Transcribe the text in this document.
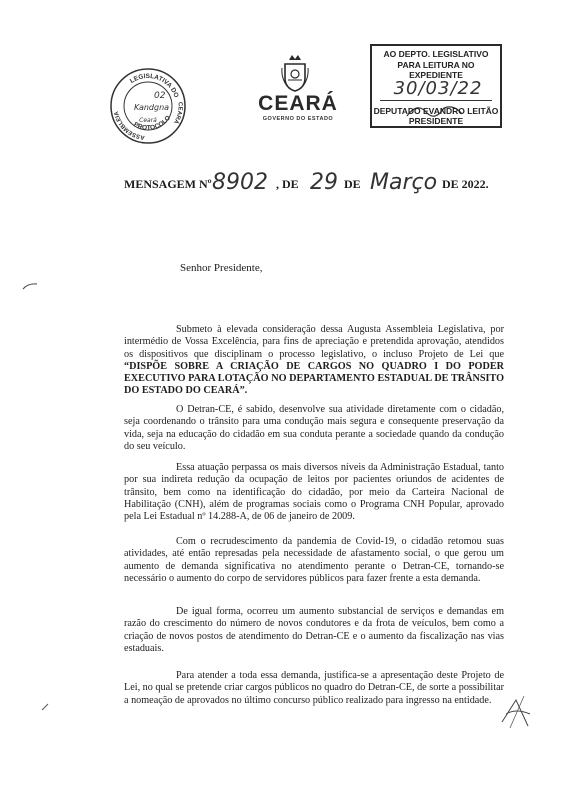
LEGISLATIVA DO
PROTOCOLO
ASSEMBLEIA
CEARÁ
02
Kandgna
Ceará
CEARÁ
GOVERNO DO ESTADO
AO DEPTO. LEGISLATIVO
PARA LEITURA NO EXPEDIENTE
30/03/22
DEPUTADO EVANDRO LEITÃO
PRESIDENTE
MENSAGEM Nº 8902 , DE 29 DE Março DE 2022.
Senhor Presidente,
Submeto à elevada consideração dessa Augusta Assembleia Legislativa, por intermédio de Vossa Excelência, para fins de apreciação e pretendida aprovação, atendidos os dispositivos que disciplinam o processo legislativo, o incluso Projeto de Lei que “DISPÕE SOBRE A CRIAÇÃO DE CARGOS NO QUADRO I DO PODER EXECUTIVO PARA LOTAÇÃO NO DEPARTAMENTO ESTADUAL DE TRÂNSITO DO ESTADO DO CEARÁ”.
O Detran-CE, é sabido, desenvolve sua atividade diretamente com o cidadão, seja coordenando o trânsito para uma condução mais segura e consequente preservação da vida, seja na educação do cidadão em sua conduta perante a sociedade quando da condução do seu veículo.
Essa atuação perpassa os mais diversos níveis da Administração Estadual, tanto por sua indireta redução da ocupação de leitos por pacientes oriundos de acidentes de trânsito, bem como na identificação do cidadão, por meio da Carteira Nacional de Habilitação (CNH), além de programas sociais como o Programa CNH Popular, aprovado pela Lei Estadual nº 14.288-A, de 06 de janeiro de 2009.
Com o recrudescimento da pandemia de Covid-19, o cidadão retomou suas atividades, até então represadas pela necessidade de afastamento social, o que gerou um aumento de demanda significativa no atendimento perante o Detran-CE, tornando-se necessário o aumento do corpo de servidores públicos para fazer frente a esta demanda.
De igual forma, ocorreu um aumento substancial de serviços e demandas em razão do crescimento do número de novos condutores e da frota de veículos, bem como a criação de novos postos de atendimento do Detran-CE e o aumento da fiscalização nas vias estaduais.
Para atender a toda essa demanda, justifica-se a apresentação deste Projeto de Lei, no qual se pretende criar cargos públicos no quadro do Detran-CE, de sorte a possibilitar a nomeação de aprovados no último concurso público realizado para ingresso na entidade.
